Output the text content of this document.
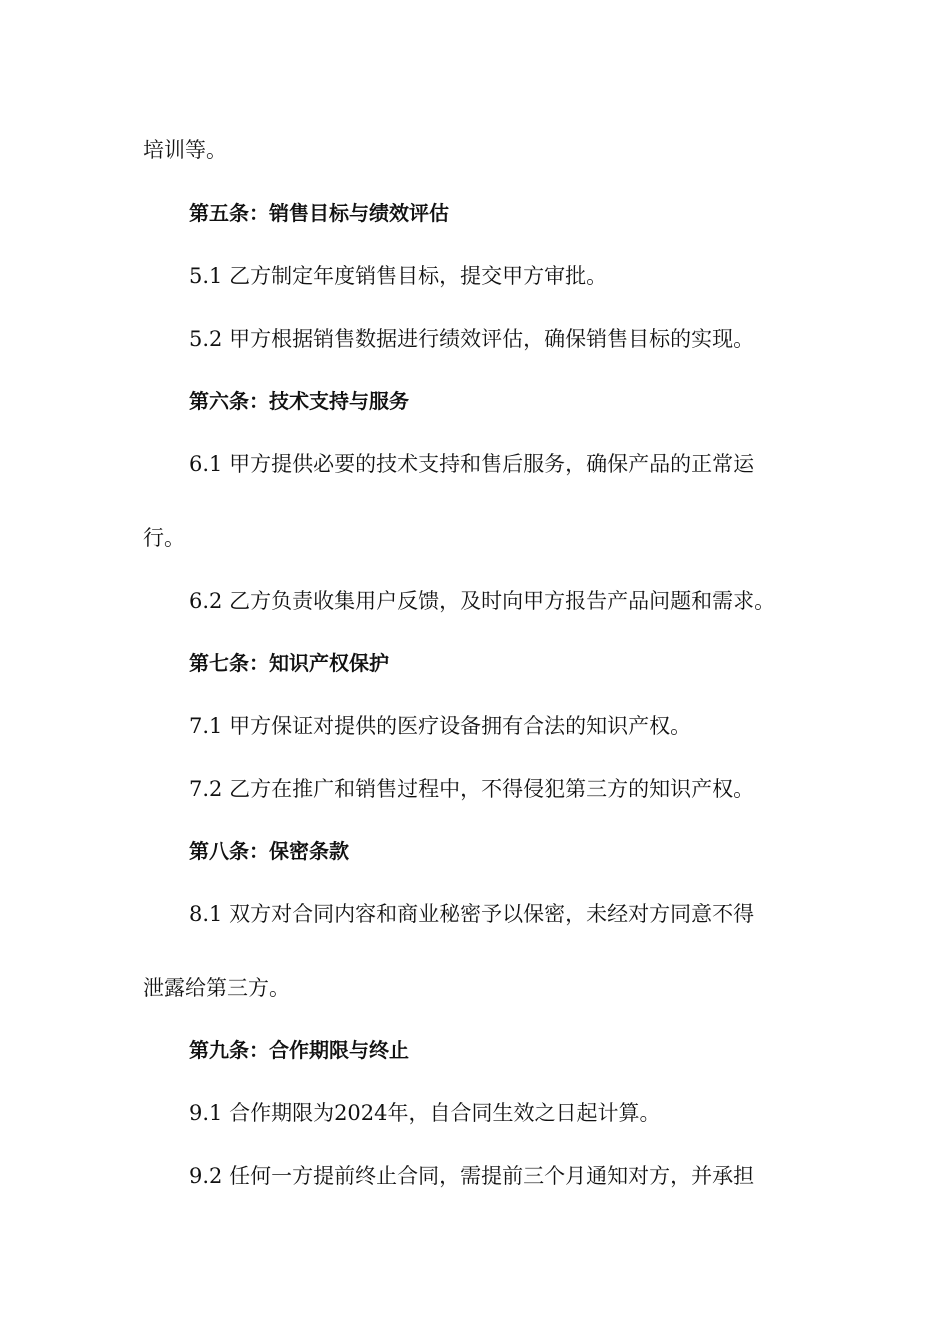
培训等。
第五条：销售目标与绩效评估
5.1 乙方制定年度销售目标，提交甲方审批。
5.2 甲方根据销售数据进行绩效评估，确保销售目标的实现。
第六条：技术支持与服务
6.1 甲方提供必要的技术支持和售后服务，确保产品的正常运
行。
6.2 乙方负责收集用户反馈，及时向甲方报告产品问题和需求。
第七条：知识产权保护
7.1 甲方保证对提供的医疗设备拥有合法的知识产权。
7.2 乙方在推广和销售过程中，不得侵犯第三方的知识产权。
第八条：保密条款
8.1 双方对合同内容和商业秘密予以保密，未经对方同意不得
泄露给第三方。
第九条：合作期限与终止
9.1 合作期限为2024年，自合同生效之日起计算。
9.2 任何一方提前终止合同，需提前三个月通知对方，并承担
